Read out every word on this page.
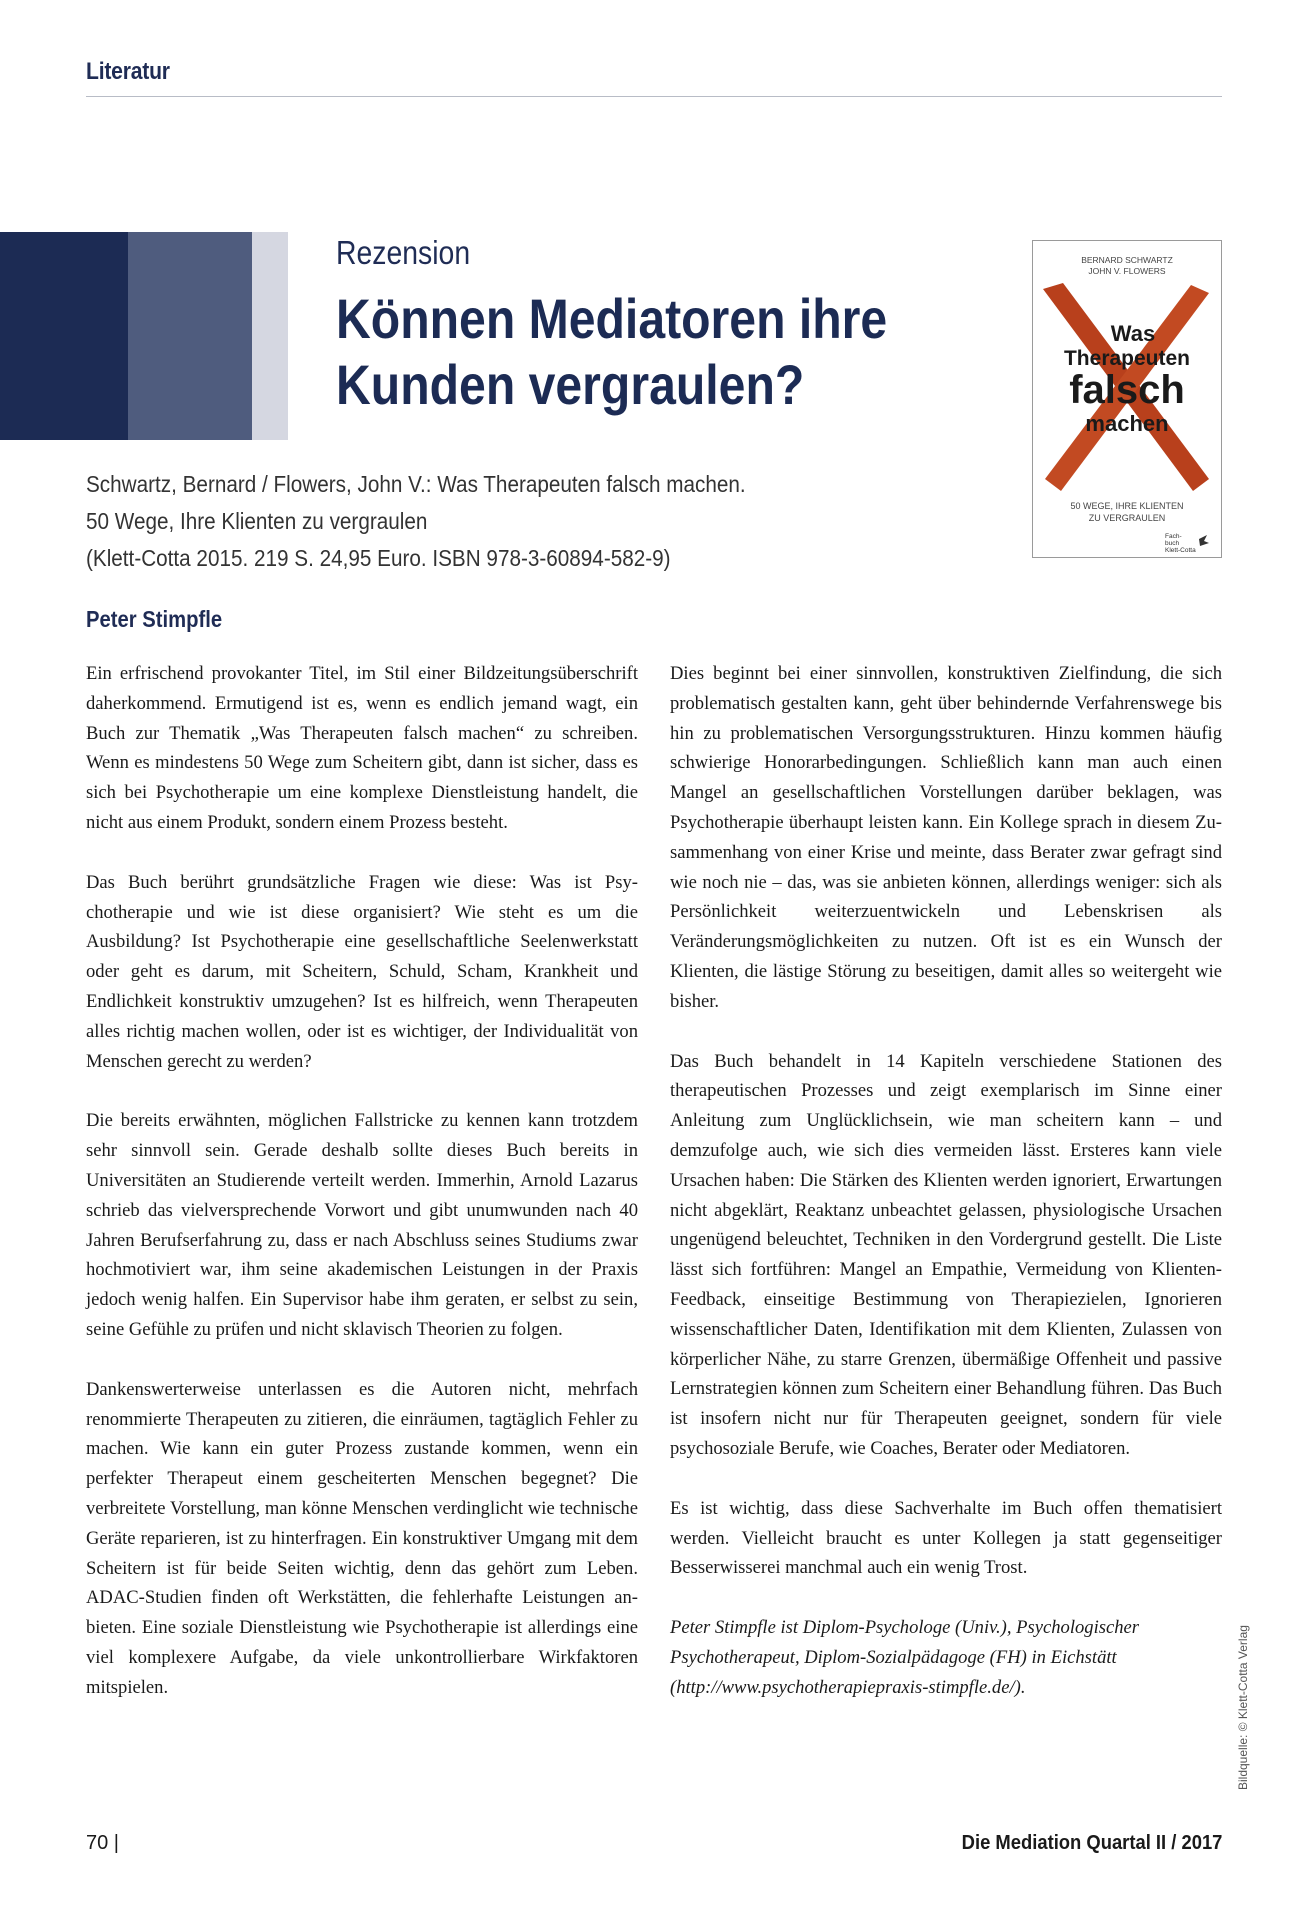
Literatur
Rezension
Können Mediatoren ihre
Kunden vergraulen?
BERNARD SCHWARTZ
JOHN V. FLOWERS
Was
Therapeuten
falsch
machen
50 WEGE, IHRE KLIENTEN
ZU VERGRAULEN
Fach-
buch
Klett-Cotta
Schwartz, Bernard / Flowers, John V.: Was Therapeuten falsch machen.
50 Wege, Ihre Klienten zu vergraulen
(Klett-Cotta 2015. 219 S. 24,95 Euro. ISBN 978-3-60894-582-9)
Peter Stimpfle

Ein erfrischend provokanter Titel, im Stil einer Bildzeitungsüberschrift daherkommend. Ermutigend ist es, wenn es endlich jemand wagt, ein Buch zur Thematik „Was Therapeuten falsch machen“ zu schreiben. Wenn es mindestens 50 Wege zum Scheitern gibt, dann ist sicher, dass es sich bei Psychotherapie um eine komplexe Dienstleistung handelt, die nicht aus einem Produkt, sondern einem Prozess besteht.

Das Buch berührt grundsätzliche Fragen wie diese: Was ist Psychotherapie und wie ist diese organisiert? Wie steht es um die Ausbildung? Ist Psychotherapie eine gesellschaftliche Seelenwerkstatt oder geht es darum, mit Scheitern, Schuld, Scham, Krankheit und Endlichkeit konstruktiv umzugehen? Ist es hilfreich, wenn Therapeuten alles richtig machen wollen, oder ist es wichtiger, der Individualität von Menschen gerecht zu werden?

Die bereits erwähnten, möglichen Fallstricke zu kennen kann trotzdem sehr sinnvoll sein. Gerade deshalb sollte dieses Buch bereits in Universitäten an Studierende verteilt werden. Immerhin, Arnold Lazarus schrieb das vielversprechende Vorwort und gibt unumwunden nach 40 Jahren Berufserfahrung zu, dass er nach Abschluss seines Studiums zwar hochmotiviert war, ihm seine akademischen Leistungen in der Praxis jedoch wenig halfen. Ein Supervisor habe ihm geraten, er selbst zu sein, seine Gefühle zu prüfen und nicht sklavisch Theorien zu folgen.

Dankenswerterweise unterlassen es die Autoren nicht, mehrfach renommierte Therapeuten zu zitieren, die einräumen, tagtäglich Fehler zu machen. Wie kann ein guter Prozess zustande kommen, wenn ein perfekter Therapeut einem gescheiterten Menschen begegnet? Die verbreitete Vorstellung, man könne Menschen verdinglicht wie technische Geräte reparieren, ist zu hinterfragen. Ein konstruktiver Umgang mit dem Scheitern ist für beide Seiten wichtig, denn das gehört zum Leben. ADAC-Studien finden oft Werkstätten, die fehlerhafte Leistungen anbieten. Eine soziale Dienstleistung wie Psychotherapie ist allerdings eine viel komplexere Aufgabe, da viele unkontrollierbare Wirkfaktoren mitspielen.

Dies beginnt bei einer sinnvollen, konstruktiven Zielfindung, die sich problematisch gestalten kann, geht über behindernde Verfahrenswege bis hin zu problematischen Versorgungsstrukturen. Hinzu kommen häufig schwierige Honorarbedingungen. Schließlich kann man auch einen Mangel an gesellschaftlichen Vorstellungen darüber beklagen, was Psychotherapie überhaupt leisten kann. Ein Kollege sprach in diesem Zusammenhang von einer Krise und meinte, dass Berater zwar gefragt sind wie noch nie – das, was sie anbieten können, allerdings weniger: sich als Persönlichkeit weiterzuentwickeln und Lebenskrisen als Veränderungsmöglichkeiten zu nutzen. Oft ist es ein Wunsch der Klienten, die lästige Störung zu beseitigen, damit alles so weitergeht wie bisher.

Das Buch behandelt in 14 Kapiteln verschiedene Stationen des therapeutischen Prozesses und zeigt exemplarisch im Sinne einer Anleitung zum Unglücklichsein, wie man scheitern kann – und demzufolge auch, wie sich dies vermeiden lässt. Ersteres kann viele Ursachen haben: Die Stärken des Klienten werden ignoriert, Erwartungen nicht abgeklärt, Reaktanz unbeachtet gelassen, physiologische Ursachen ungenügend beleuchtet, Techniken in den Vordergrund gestellt. Die Liste lässt sich fortführen: Mangel an Empathie, Vermeidung von Klienten-Feedback, einseitige Bestimmung von Therapiezielen, Ignorieren wissenschaftlicher Daten, Identifikation mit dem Klienten, Zulassen von körperlicher Nähe, zu starre Grenzen, übermäßige Offenheit und passive Lernstrategien können zum Scheitern einer Behandlung führen. Das Buch ist insofern nicht nur für Therapeuten geeignet, sondern für viele psychosoziale Berufe, wie Coaches, Berater oder Mediatoren.

Es ist wichtig, dass diese Sachverhalte im Buch offen thematisiert werden. Vielleicht braucht es unter Kollegen ja statt gegenseitiger Besserwisserei manchmal auch ein wenig Trost.

Peter Stimpfle ist Diplom-Psychologe (Univ.), Psychologischer Psychotherapeut, Diplom-Sozialpädagoge (FH) in Eichstätt (http://www.psychotherapiepraxis-stimpfle.de/).

70 |	Die Mediation Quartal II / 2017
Bildquelle: © Klett-Cotta Verlag
